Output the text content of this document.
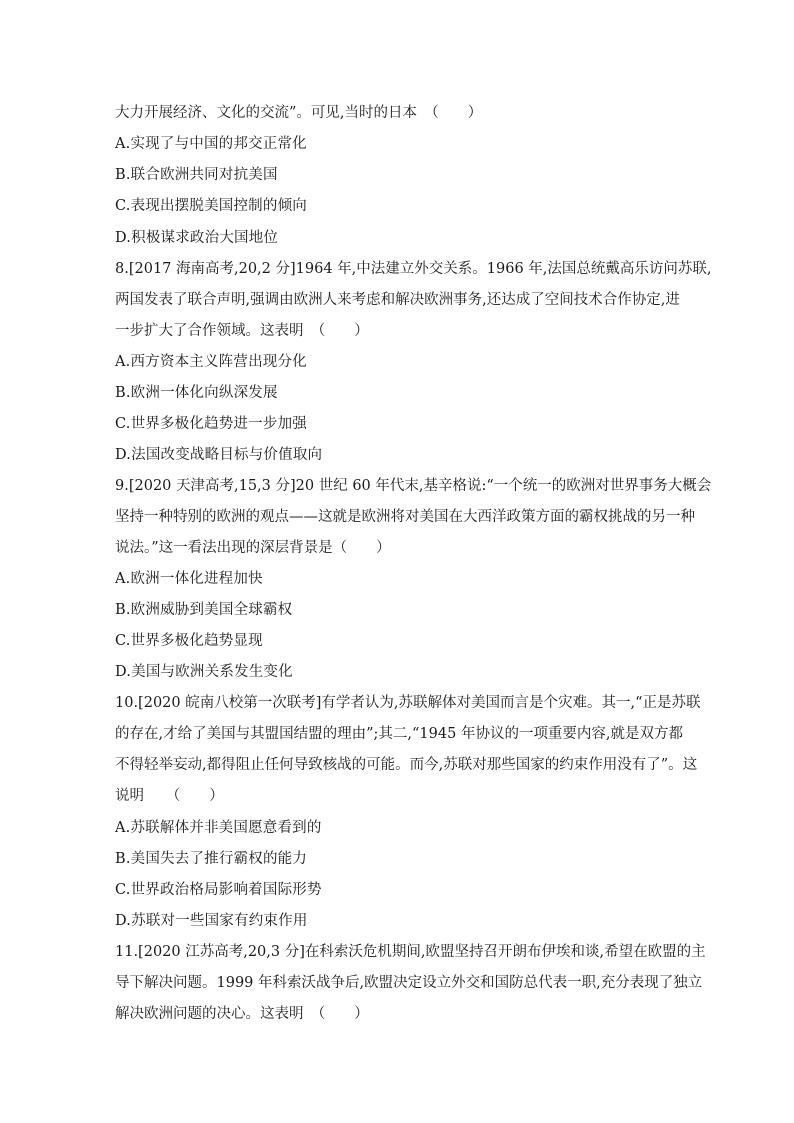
大力开展经济、文化的交流”。可见,当时的日本　（　　）
A.实现了与中国的邦交正常化
B.联合欧洲共同对抗美国
C.表现出摆脱美国控制的倾向
D.积极谋求政治大国地位
8.[2017 海南高考,20,2 分]1964 年,中法建立外交关系。1966 年,法国总统戴高乐访问苏联,
两国发表了联合声明,强调由欧洲人来考虑和解决欧洲事务,还达成了空间技术合作协定,进
一步扩大了合作领域。这表明　（　　）
A.西方资本主义阵营出现分化
B.欧洲一体化向纵深发展
C.世界多极化趋势进一步加强
D.法国改变战略目标与价值取向
9.[2020 天津高考,15,3 分]20 世纪 60 年代末,基辛格说:“一个统一的欧洲对世界事务大概会
坚持一种特别的欧洲的观点——这就是欧洲将对美国在大西洋政策方面的霸权挑战的另一种
说法。”这一看法出现的深层背景是（　　）
A.欧洲一体化进程加快
B.欧洲威胁到美国全球霸权
C.世界多极化趋势显现
D.美国与欧洲关系发生变化
10.[2020 皖南八校第一次联考]有学者认为,苏联解体对美国而言是个灾难。其一,“正是苏联
的存在,才给了美国与其盟国结盟的理由”;其二,“1945 年协议的一项重要内容,就是双方都
不得轻举妄动,都得阻止任何导致核战的可能。而今,苏联对那些国家的约束作用没有了”。这
说明　　（　　）
A.苏联解体并非美国愿意看到的
B.美国失去了推行霸权的能力
C.世界政治格局影响着国际形势
D.苏联对一些国家有约束作用
11.[2020 江苏高考,20,3 分]在科索沃危机期间,欧盟坚持召开朗布伊埃和谈,希望在欧盟的主
导下解决问题。1999 年科索沃战争后,欧盟决定设立外交和国防总代表一职,充分表现了独立
解决欧洲问题的决心。这表明　（　　）
